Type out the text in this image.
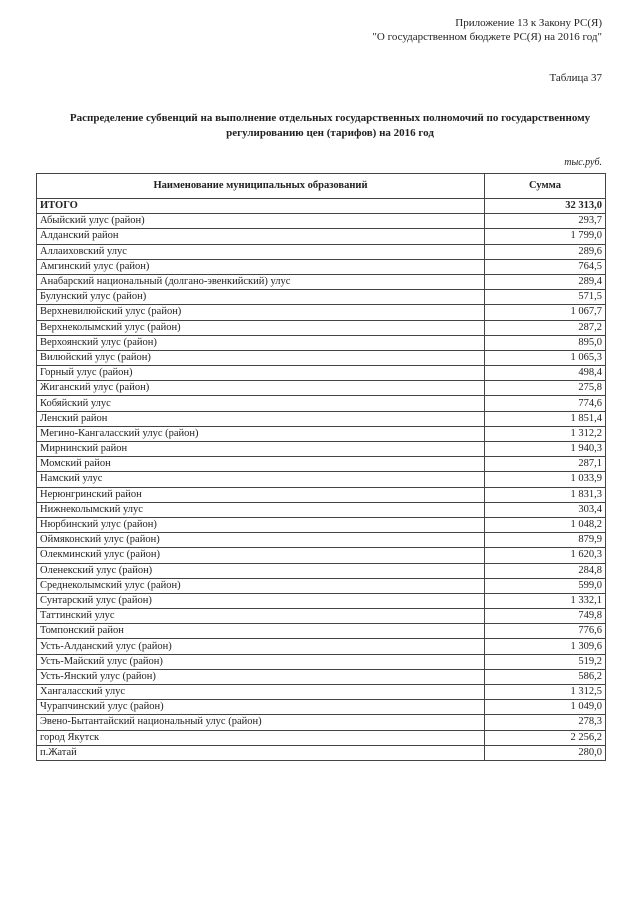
Приложение 13 к Закону РС(Я)
"О государственном бюджете РС(Я) на 2016 год"
Таблица 37
Распределение субвенций на выполнение отдельных государственных полномочий по государственному
регулированию цен (тарифов) на 2016 год
тыс.руб.
Наименование муниципальных образований	Сумма
ИТОГО	32 313,0
Абыйский улус (район)	293,7
Алданский район	1 799,0
Аллаиховский улус	289,6
Амгинский улус (район)	764,5
Анабарский национальный (долгано-эвенкийский) улус	289,4
Булунский улус (район)	571,5
Верхневилюйский улус (район)	1 067,7
Верхнеколымский улус (район)	287,2
Верхоянский улус (район)	895,0
Вилюйский улус (район)	1 065,3
Горный улус (район)	498,4
Жиганский улус (район)	275,8
Кобяйский улус	774,6
Ленский район	1 851,4
Мегино-Кангаласский улус (район)	1 312,2
Мирнинский район	1 940,3
Момский район	287,1
Намский улус	1 033,9
Нерюнгринский район	1 831,3
Нижнеколымский улус	303,4
Нюрбинский улус (район)	1 048,2
Оймяконский улус (район)	879,9
Олекминский улус (район)	1 620,3
Оленекский улус (район)	284,8
Среднеколымский улус (район)	599,0
Сунтарский улус (район)	1 332,1
Таттинский улус	749,8
Томпонский район	776,6
Усть-Алданский улус (район)	1 309,6
Усть-Майский улус (район)	519,2
Усть-Янский улус (район)	586,2
Хангаласский улус	1 312,5
Чурапчинский улус (район)	1 049,0
Эвено-Бытантайский национальный улус (район)	278,3
город Якутск	2 256,2
п.Жатай	280,0
